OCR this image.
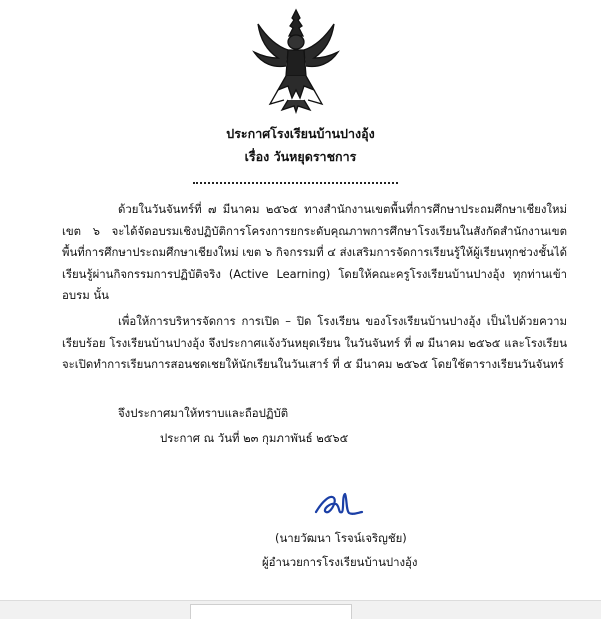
ประกาศโรงเรียนบ้านปางอุ้ง
เรื่อง วันหยุดราชการ

ด้วยในวันจันทร์ที่ ๗ มีนาคม ๒๕๖๕ ทางสำนักงานเขตพื้นที่การศึกษาประถมศึกษาเชียงใหม่ เขต ๖ จะได้จัดอบรมเชิงปฏิบัติการโครงการยกระดับคุณภาพการศึกษาโรงเรียนในสังกัดสำนักงานเขตพื้นที่การศึกษาประถมศึกษาเชียงใหม่ เขต ๖ กิจกรรมที่ ๔ ส่งเสริมการจัดการเรียนรู้ให้ผู้เรียนทุกช่วงชั้นได้เรียนรู้ผ่านกิจกรรมการปฏิบัติจริง (Active Learning) โดยให้คณะครูโรงเรียนบ้านปางอุ้ง ทุกท่านเข้าอบรม นั้น

เพื่อให้การบริหารจัดการ การเปิด – ปิด โรงเรียน ของโรงเรียนบ้านปางอุ้ง เป็นไปด้วยความเรียบร้อย โรงเรียนบ้านปางอุ้ง จึงประกาศแจ้งวันหยุดเรียน ในวันจันทร์ ที่ ๗ มีนาคม ๒๕๖๕ และโรงเรียนจะเปิดทำการเรียนการสอนชดเชยให้นักเรียนในวันเสาร์ ที่ ๕ มีนาคม ๒๕๖๕ โดยใช้ตารางเรียนวันจันทร์

จึงประกาศมาให้ทราบและถือปฏิบัติ
ประกาศ ณ วันที่ ๒๓ กุมภาพันธ์ ๒๕๖๕
(นายวัฒนา โรจน์เจริญชัย)
ผู้อำนวยการโรงเรียนบ้านปางอุ้ง
